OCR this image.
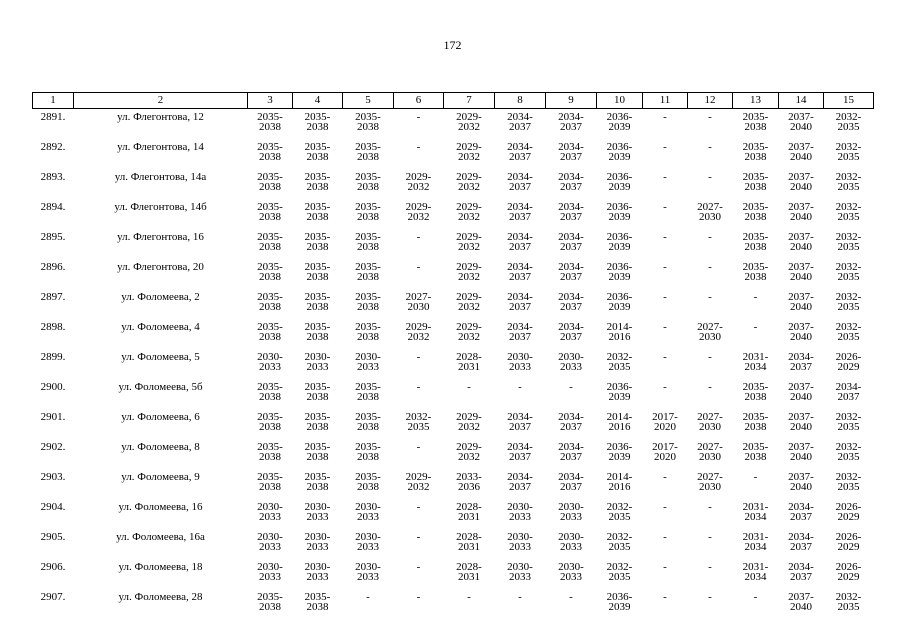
172
1	2	3	4	5	6	7	8	9	10	11	12	13	14	15
2891.	ул. Флегонтова, 12	2035-
2038	2035-
2038	2035-
2038	-	2029-
2032	2034-
2037	2034-
2037	2036-
2039	-	-	2035-
2038	2037-
2040	2032-
2035
2892.	ул. Флегонтова, 14	2035-
2038	2035-
2038	2035-
2038	-	2029-
2032	2034-
2037	2034-
2037	2036-
2039	-	-	2035-
2038	2037-
2040	2032-
2035
2893.	ул. Флегонтова, 14а	2035-
2038	2035-
2038	2035-
2038	2029-
2032	2029-
2032	2034-
2037	2034-
2037	2036-
2039	-	-	2035-
2038	2037-
2040	2032-
2035
2894.	ул. Флегонтова, 14б	2035-
2038	2035-
2038	2035-
2038	2029-
2032	2029-
2032	2034-
2037	2034-
2037	2036-
2039	-	2027-
2030	2035-
2038	2037-
2040	2032-
2035
2895.	ул. Флегонтова, 16	2035-
2038	2035-
2038	2035-
2038	-	2029-
2032	2034-
2037	2034-
2037	2036-
2039	-	-	2035-
2038	2037-
2040	2032-
2035
2896.	ул. Флегонтова, 20	2035-
2038	2035-
2038	2035-
2038	-	2029-
2032	2034-
2037	2034-
2037	2036-
2039	-	-	2035-
2038	2037-
2040	2032-
2035
2897.	ул. Фоломеева, 2	2035-
2038	2035-
2038	2035-
2038	2027-
2030	2029-
2032	2034-
2037	2034-
2037	2036-
2039	-	-	-	2037-
2040	2032-
2035
2898.	ул. Фоломеева, 4	2035-
2038	2035-
2038	2035-
2038	2029-
2032	2029-
2032	2034-
2037	2034-
2037	2014-
2016	-	2027-
2030	-	2037-
2040	2032-
2035
2899.	ул. Фоломеева, 5	2030-
2033	2030-
2033	2030-
2033	-	2028-
2031	2030-
2033	2030-
2033	2032-
2035	-	-	2031-
2034	2034-
2037	2026-
2029
2900.	ул. Фоломеева, 5б	2035-
2038	2035-
2038	2035-
2038	-	-	-	-	2036-
2039	-	-	2035-
2038	2037-
2040	2034-
2037
2901.	ул. Фоломеева, 6	2035-
2038	2035-
2038	2035-
2038	2032-
2035	2029-
2032	2034-
2037	2034-
2037	2014-
2016	2017-
2020	2027-
2030	2035-
2038	2037-
2040	2032-
2035
2902.	ул. Фоломеева, 8	2035-
2038	2035-
2038	2035-
2038	-	2029-
2032	2034-
2037	2034-
2037	2036-
2039	2017-
2020	2027-
2030	2035-
2038	2037-
2040	2032-
2035
2903.	ул. Фоломеева, 9	2035-
2038	2035-
2038	2035-
2038	2029-
2032	2033-
2036	2034-
2037	2034-
2037	2014-
2016	-	2027-
2030	-	2037-
2040	2032-
2035
2904.	ул. Фоломеева, 16	2030-
2033	2030-
2033	2030-
2033	-	2028-
2031	2030-
2033	2030-
2033	2032-
2035	-	-	2031-
2034	2034-
2037	2026-
2029
2905.	ул. Фоломеева, 16а	2030-
2033	2030-
2033	2030-
2033	-	2028-
2031	2030-
2033	2030-
2033	2032-
2035	-	-	2031-
2034	2034-
2037	2026-
2029
2906.	ул. Фоломеева, 18	2030-
2033	2030-
2033	2030-
2033	-	2028-
2031	2030-
2033	2030-
2033	2032-
2035	-	-	2031-
2034	2034-
2037	2026-
2029
2907.	ул. Фоломеева, 28	2035-
2038	2035-
2038	-	-	-	-	-	2036-
2039	-	-	-	2037-
2040	2032-
2035
